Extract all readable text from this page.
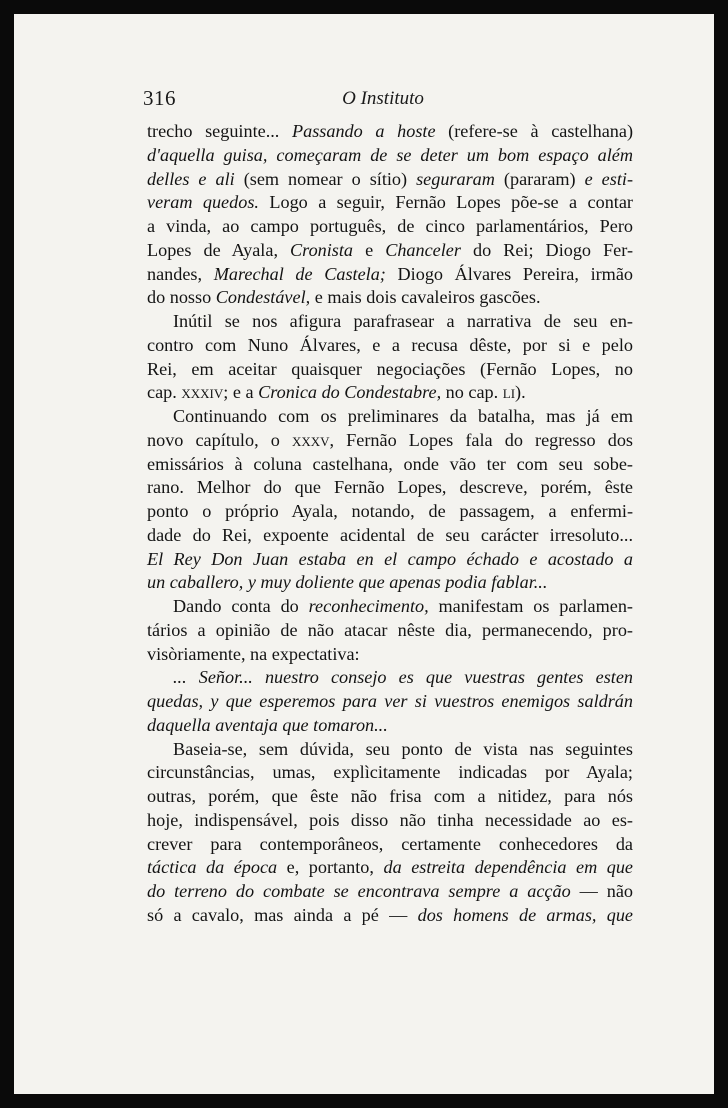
316	O Instituto
trecho seguinte... Passando a hoste (refere-se à castelhana)
d'aquella guisa, começaram de se deter um bom espaço além
delles e ali (sem nomear o sítio) seguraram (pararam) e esti-
veram quedos. Logo a seguir, Fernão Lopes põe-se a contar
a vinda, ao campo português, de cinco parlamentários, Pero
Lopes de Ayala, Cronista e Chanceler do Rei; Diogo Fer-
nandes, Marechal de Castela; Diogo Álvares Pereira, irmão
do nosso Condestável, e mais dois cavaleiros gascões.
Inútil se nos afigura parafrasear a narrativa de seu en-
contro com Nuno Álvares, e a recusa dêste, por si e pelo
Rei, em aceitar quaisquer negociações (Fernão Lopes, no
cap. xxxiv; e a Cronica do Condestabre, no cap. li).
Continuando com os preliminares da batalha, mas já em
novo capítulo, o xxxv, Fernão Lopes fala do regresso dos
emissários à coluna castelhana, onde vão ter com seu sobe-
rano. Melhor do que Fernão Lopes, descreve, porém, êste
ponto o próprio Ayala, notando, de passagem, a enfermi-
dade do Rei, expoente acidental de seu carácter irresoluto...
El Rey Don Juan estaba en el campo échado e acostado a
un caballero, y muy doliente que apenas podia fablar...
Dando conta do reconhecimento, manifestam os parlamen-
tários a opinião de não atacar nêste dia, permanecendo, pro-
visòriamente, na expectativa:
... Señor... nuestro consejo es que vuestras gentes esten
quedas, y que esperemos para ver si vuestros enemigos saldrán
daquella aventaja que tomaron...
Baseia-se, sem dúvida, seu ponto de vista nas seguintes
circunstâncias, umas, explìcitamente indicadas por Ayala;
outras, porém, que êste não frisa com a nitidez, para nós
hoje, indispensável, pois disso não tinha necessidade ao es-
crever para contemporâneos, certamente conhecedores da
táctica da época e, portanto, da estreita dependência em que
do terreno do combate se encontrava sempre a acção — não
só a cavalo, mas ainda a pé — dos homens de armas, que
